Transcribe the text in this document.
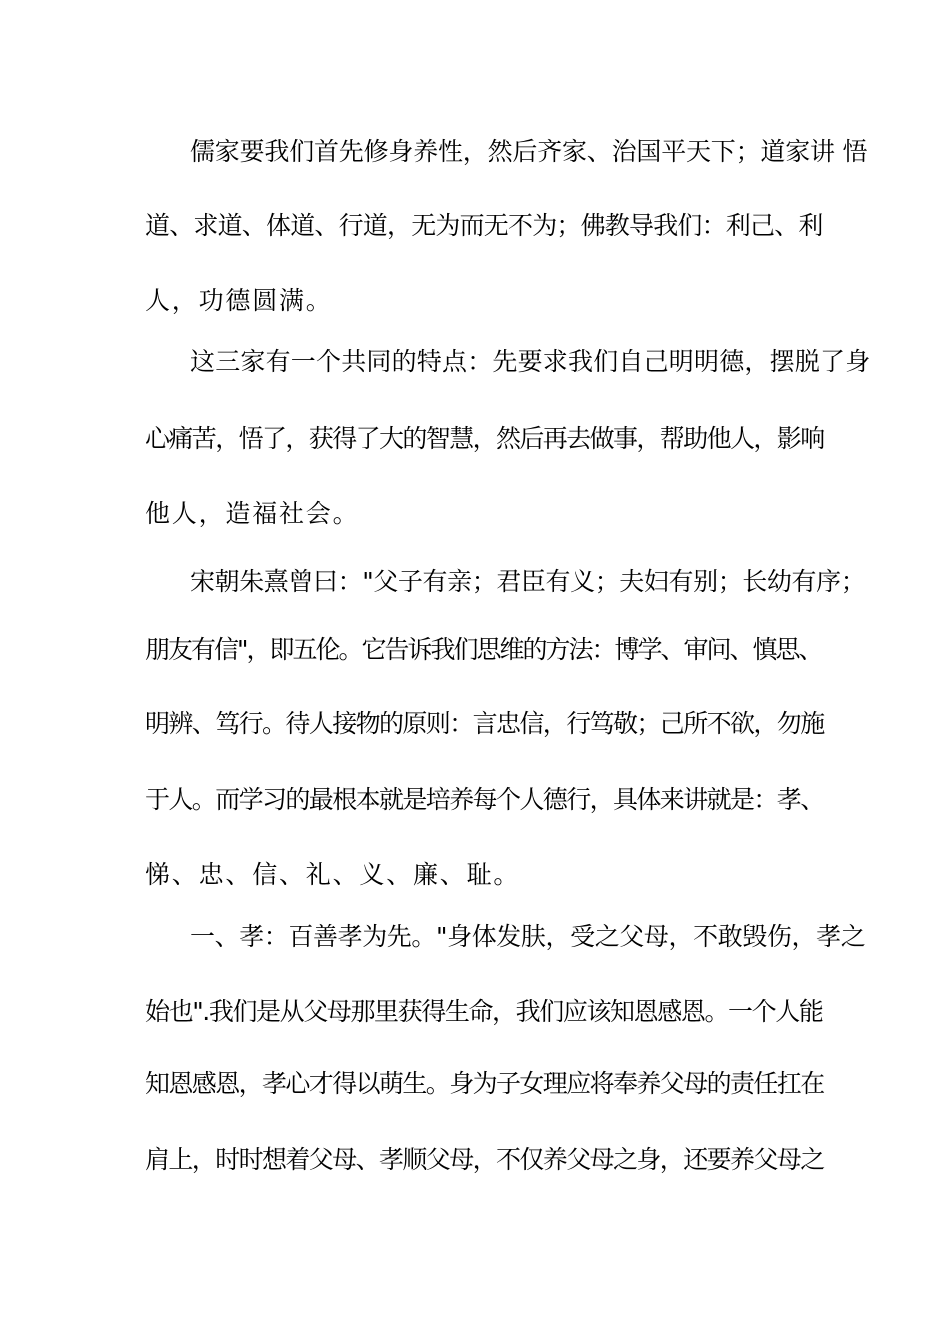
儒家要我们首先修身养性，然后齐家、治国平天下；道家讲 悟
道、求道、体道、行道，无为而无不为；佛教导我们：利己、利
人，功德圆满。
这三家有一个共同的特点：先要求我们自己明明德，摆脱了身
心痛苦，悟了，获得了大的智慧，然后再去做事，帮助他人，影响
他人，造福社会。
宋朝朱熹曾曰："父子有亲；君臣有义；夫妇有别；长幼有序；
朋友有信"，即五伦。它告诉我们思维的方法：博学、审问、慎思、
明辨、笃行。待人接物的原则：言忠信，行笃敬；己所不欲，勿施
于人。而学习的最根本就是培养每个人德行，具体来讲就是：孝、
悌、忠、信、礼、义、廉、耻。
一、孝：百善孝为先。"身体发肤，受之父母，不敢毁伤，孝之
始也".我们是从父母那里获得生命，我们应该知恩感恩。一个人能
知恩感恩，孝心才得以萌生。身为子女理应将奉养父母的责任扛在
肩上，时时想着父母、孝顺父母，不仅养父母之身，还要养父母之
